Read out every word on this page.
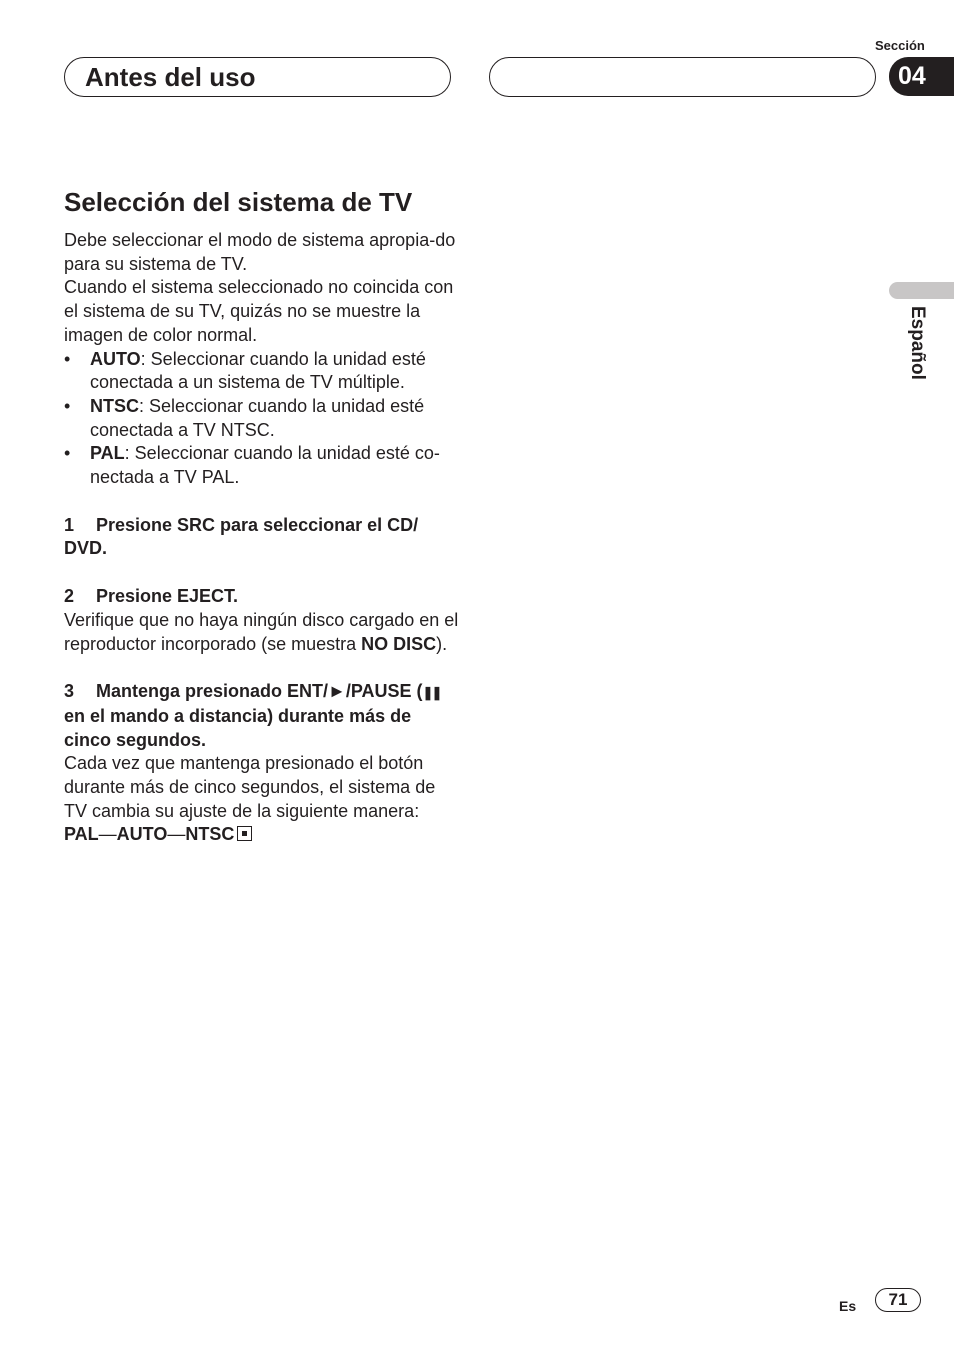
Antes del uso
Sección
04
Español
Selección del sistema de TV

Debe seleccionar el modo de sistema apropia-do para su sistema de TV.

Cuando el sistema seleccionado no coincida con el sistema de su TV, quizás no se muestre la imagen de color normal.

• AUTO: Seleccionar cuando la unidad esté conectada a un sistema de TV múltiple.
• NTSC: Seleccionar cuando la unidad esté conectada a TV NTSC.
• PAL: Seleccionar cuando la unidad esté co-nectada a TV PAL.
1 Presione SRC para seleccionar el CD/ DVD.
2 Presione EJECT.

Verifique que no haya ningún disco cargado en el reproductor incorporado (se muestra NO DISC).

3 Mantenga presionado ENT/►/PAUSE (❚❚ en el mando a distancia) durante más de cinco segundos.

Cada vez que mantenga presionado el botón durante más de cinco segundos, el sistema de TV cambia su ajuste de la siguiente manera:

PAL—AUTO—NTSC

Es	71
